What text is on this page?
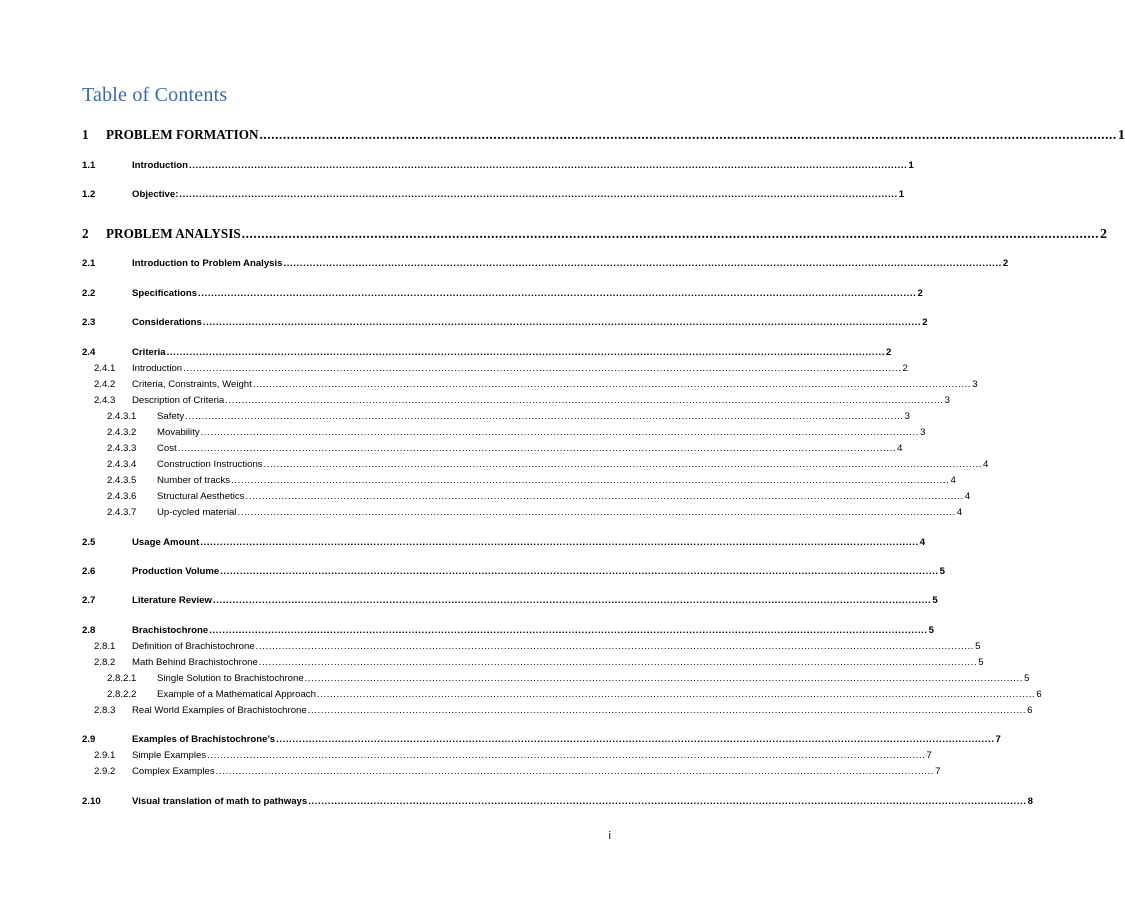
Table of Contents
1	PROBLEM FORMATION ............................................................................................................................................................................................................................ 1
1.1	Introduction ............................................................................................................................................................................................................................ 1
1.2	Objective: ............................................................................................................................................................................................................................ 1
2	PROBLEM ANALYSIS ............................................................................................................................................................................................................................ 2
2.1	Introduction to Problem Analysis ............................................................................................................................................................................................................................ 2
2.2	Specifications ............................................................................................................................................................................................................................ 2
2.3	Considerations ............................................................................................................................................................................................................................ 2
2.4	Criteria ............................................................................................................................................................................................................................ 2
2.4.1	Introduction ............................................................................................................................................................................................................................ 2
2.4.2	Criteria, Constraints, Weight ............................................................................................................................................................................................................................ 3
2.4.3	Description of Criteria ............................................................................................................................................................................................................................ 3
2.4.3.1	Safety ............................................................................................................................................................................................................................ 3
2.4.3.2	Movability ............................................................................................................................................................................................................................ 3
2.4.3.3	Cost ............................................................................................................................................................................................................................ 4
2.4.3.4	Construction Instructions ............................................................................................................................................................................................................................ 4
2.4.3.5	Number of tracks ............................................................................................................................................................................................................................ 4
2.4.3.6	Structural Aesthetics ............................................................................................................................................................................................................................ 4
2.4.3.7	Up-cycled material ............................................................................................................................................................................................................................ 4
2.5	Usage Amount ............................................................................................................................................................................................................................ 4
2.6	Production Volume ............................................................................................................................................................................................................................ 5
2.7	Literature Review ............................................................................................................................................................................................................................ 5
2.8	Brachistochrone ............................................................................................................................................................................................................................ 5
2.8.1	Definition of Brachistochrone ............................................................................................................................................................................................................................ 5
2.8.2	Math Behind Brachistochrone ............................................................................................................................................................................................................................ 5
2.8.2.1	Single Solution to Brachistochrone ............................................................................................................................................................................................................................ 5
2.8.2.2	Example of a Mathematical Approach ............................................................................................................................................................................................................................ 6
2.8.3	Real World Examples of Brachistochrone ............................................................................................................................................................................................................................ 6
2.9	Examples of Brachistochrone’s ............................................................................................................................................................................................................................ 7
2.9.1	Simple Examples ............................................................................................................................................................................................................................ 7
2.9.2	Complex Examples ............................................................................................................................................................................................................................ 7
2.10	Visual translation of math to pathways ............................................................................................................................................................................................................................ 8
i
